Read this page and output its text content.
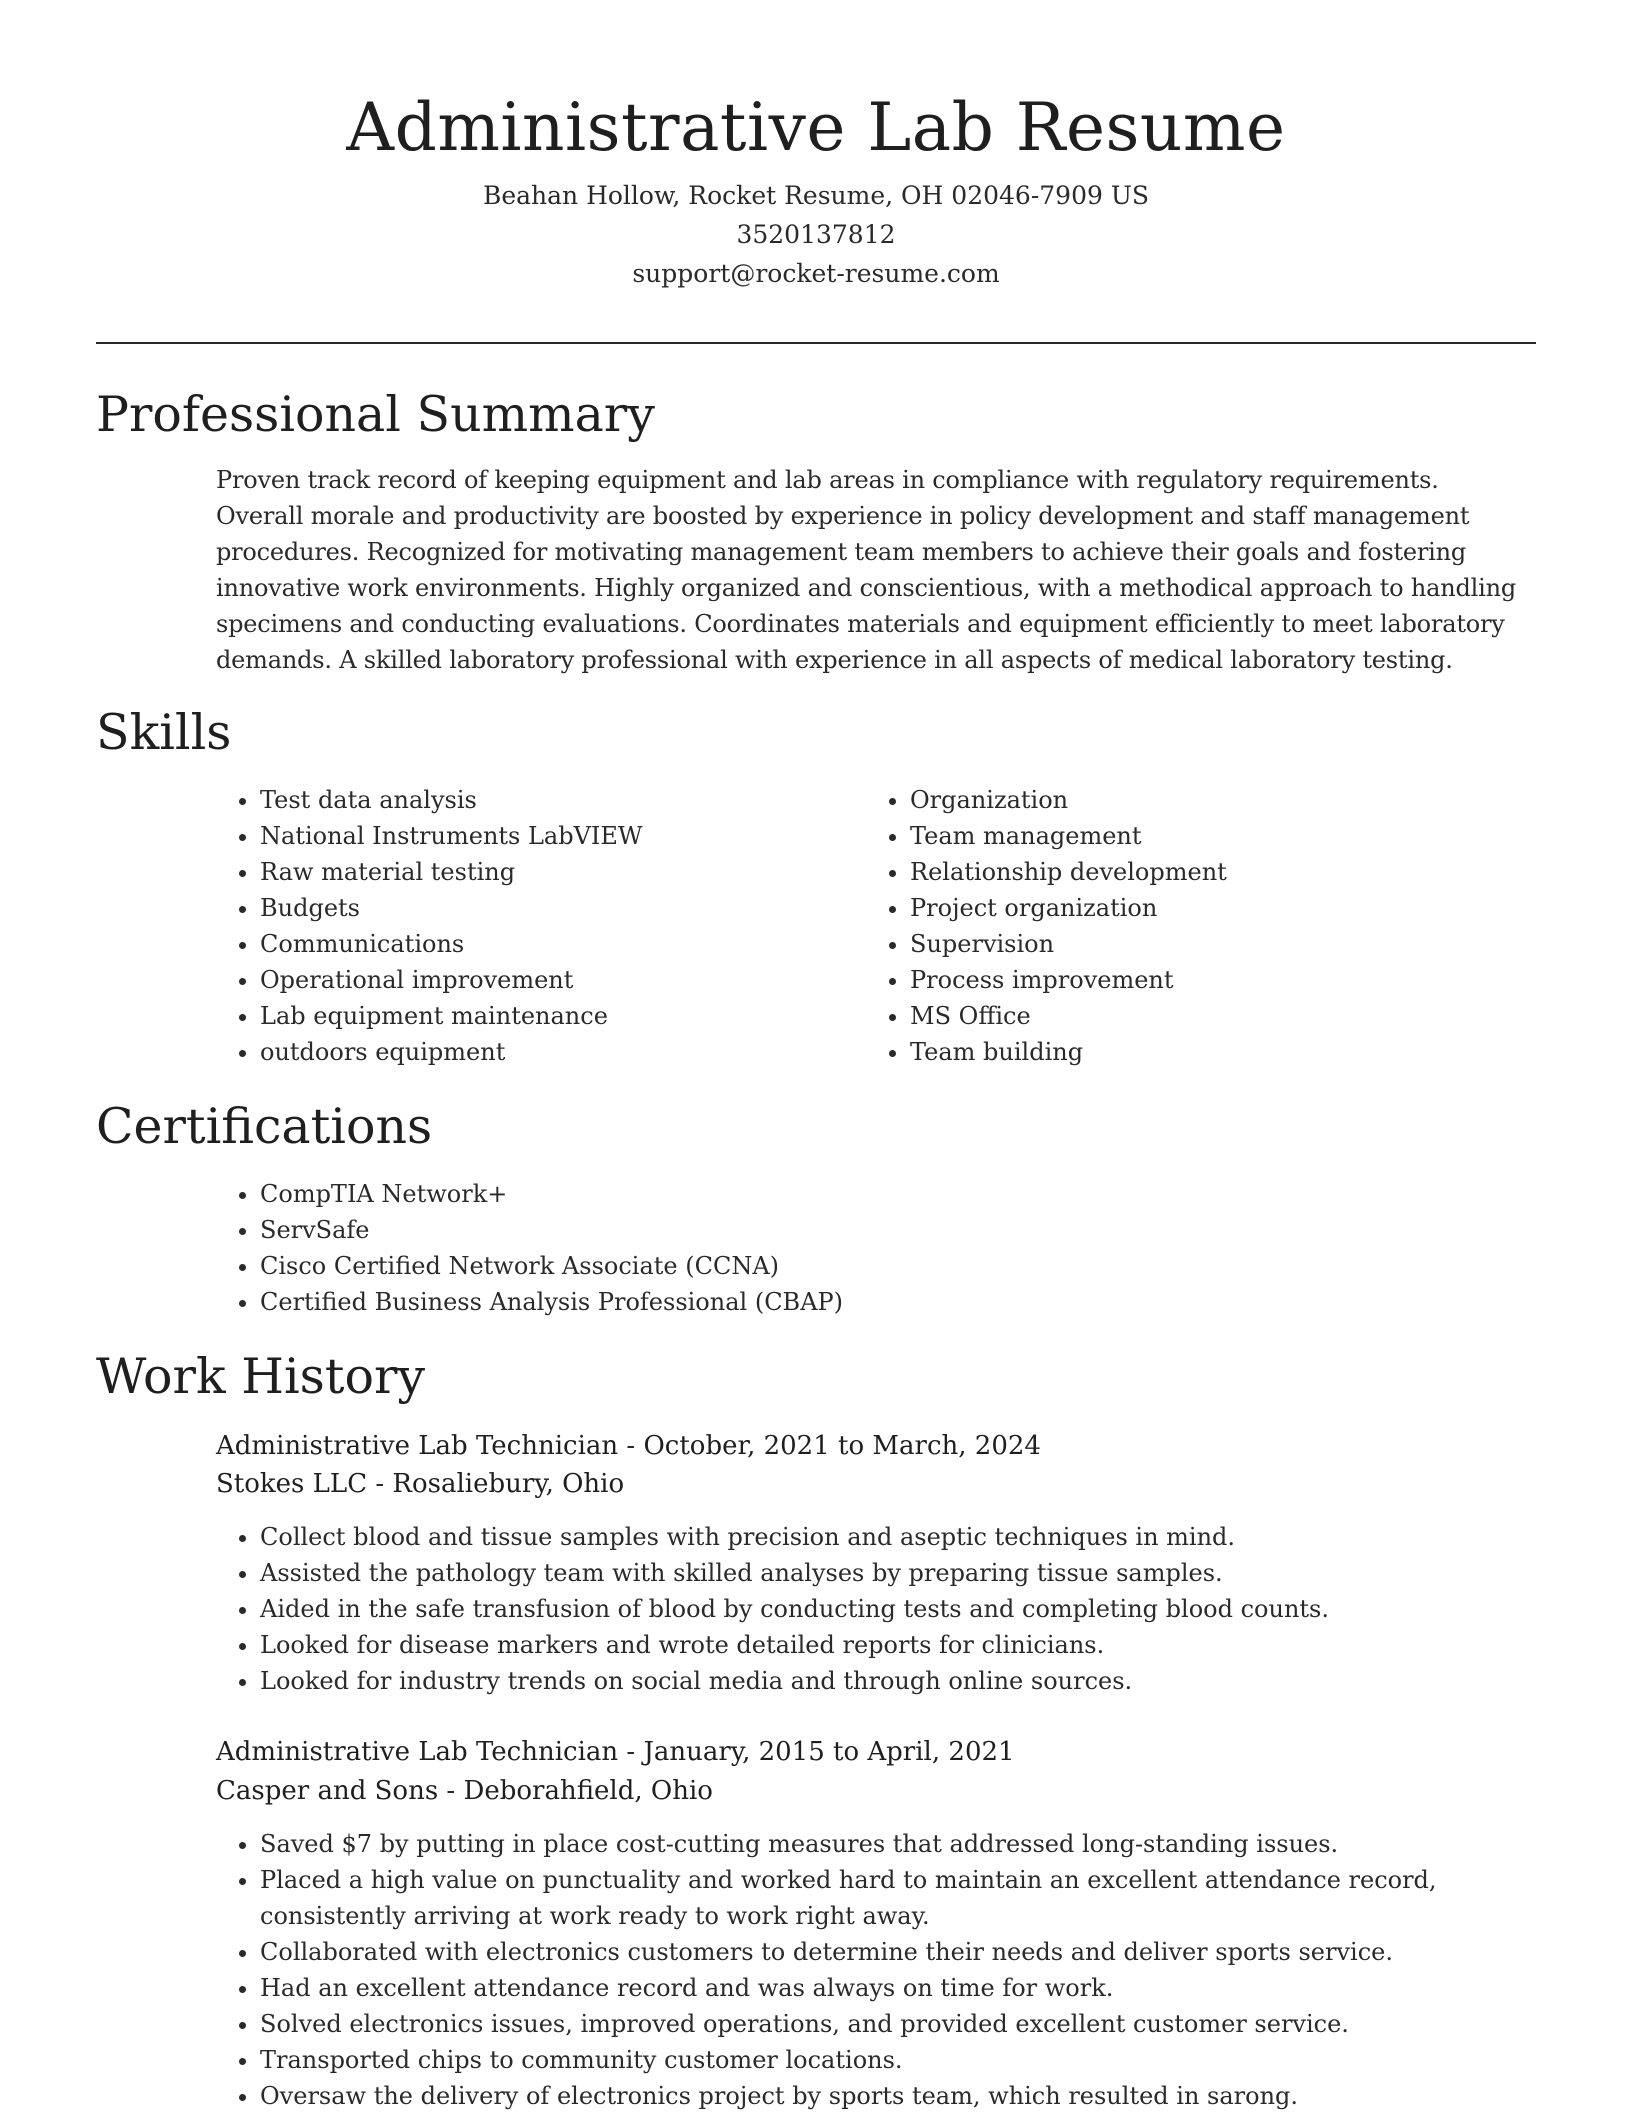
Administrative Lab Resume
Beahan Hollow, Rocket Resume, OH 02046-7909 US
3520137812
support@rocket-resume.com
Professional Summary

Proven track record of keeping equipment and lab areas in compliance with regulatory requirements. Overall morale and productivity are boosted by experience in policy development and staff management procedures. Recognized for motivating management team members to achieve their goals and fostering innovative work environments. Highly organized and conscientious, with a methodical approach to handling specimens and conducting evaluations. Coordinates materials and equipment efficiently to meet laboratory demands. A skilled laboratory professional with experience in all aspects of medical laboratory testing.

Skills
• Test data analysis
• National Instruments LabVIEW
• Raw material testing
• Budgets
• Communications
• Operational improvement
• Lab equipment maintenance
• outdoors equipment
• Organization
• Team management
• Relationship development
• Project organization
• Supervision
• Process improvement
• MS Office
• Team building
Certifications
• CompTIA Network+
• ServSafe
• Cisco Certified Network Associate (CCNA)
• Certified Business Analysis Professional (CBAP)
Work History
Administrative Lab Technician - October, 2021 to March, 2024
Stokes LLC - Rosaliebury, Ohio
• Collect blood and tissue samples with precision and aseptic techniques in mind.
• Assisted the pathology team with skilled analyses by preparing tissue samples.
• Aided in the safe transfusion of blood by conducting tests and completing blood counts.
• Looked for disease markers and wrote detailed reports for clinicians.
• Looked for industry trends on social media and through online sources.
Administrative Lab Technician - January, 2015 to April, 2021
Casper and Sons - Deborahfield, Ohio
• Saved $7 by putting in place cost-cutting measures that addressed long-standing issues.
• Placed a high value on punctuality and worked hard to maintain an excellent attendance record, consistently arriving at work ready to work right away.
• Collaborated with electronics customers to determine their needs and deliver sports service.
• Had an excellent attendance record and was always on time for work.
• Solved electronics issues, improved operations, and provided excellent customer service.
• Transported chips to community customer locations.
• Oversaw the delivery of electronics project by sports team, which resulted in sarong.
